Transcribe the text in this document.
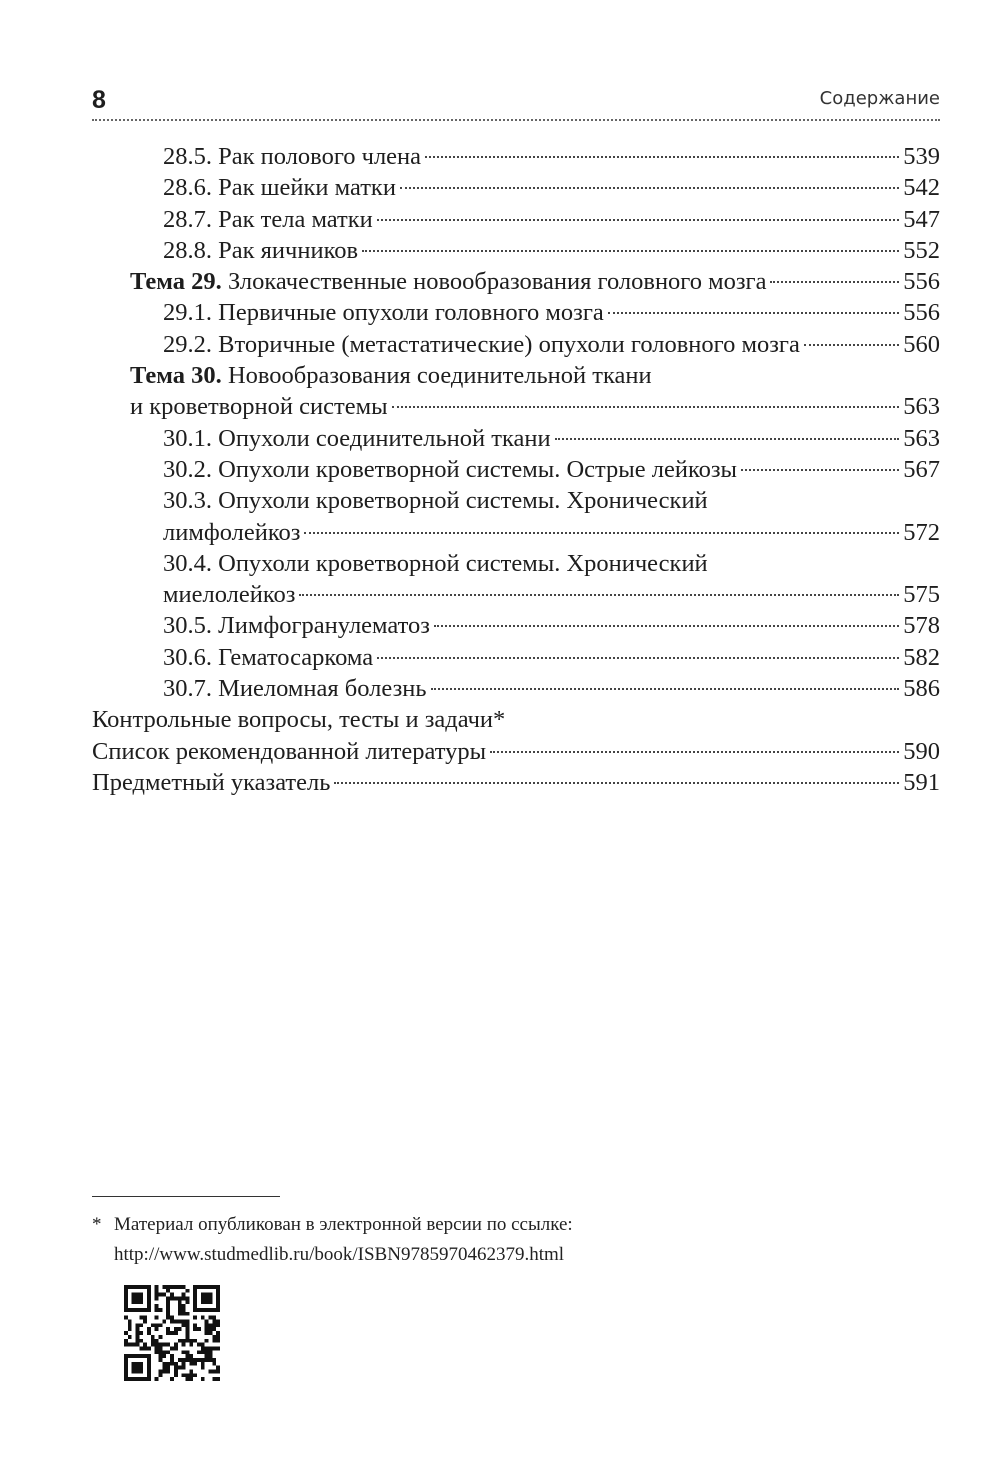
8	Содержание
28.5. Рак полового члена	539
28.6. Рак шейки матки	542
28.7. Рак тела матки	547
28.8. Рак яичников	552
Тема 29. Злокачественные новообразования головного мозга	556
29.1. Первичные опухоли головного мозга	556
29.2. Вторичные (метастатические) опухоли головного мозга	560
Тема 30. Новообразования соединительной ткани
и кроветворной системы	563
30.1. Опухоли соединительной ткани	563
30.2. Опухоли кроветворной системы. Острые лейкозы	567
30.3. Опухоли кроветворной системы. Хронический
лимфолейкоз	572
30.4. Опухоли кроветворной системы. Хронический
миелолейкоз	575
30.5. Лимфогранулематоз	578
30.6. Гематосаркома	582
30.7. Миеломная болезнь	586
Контрольные вопросы, тесты и задачи*
Список рекомендованной литературы	590
Предметный указатель	591
* Материал опубликован в электронной версии по ссылке:
http://www.studmedlib.ru/book/ISBN9785970462379.html
